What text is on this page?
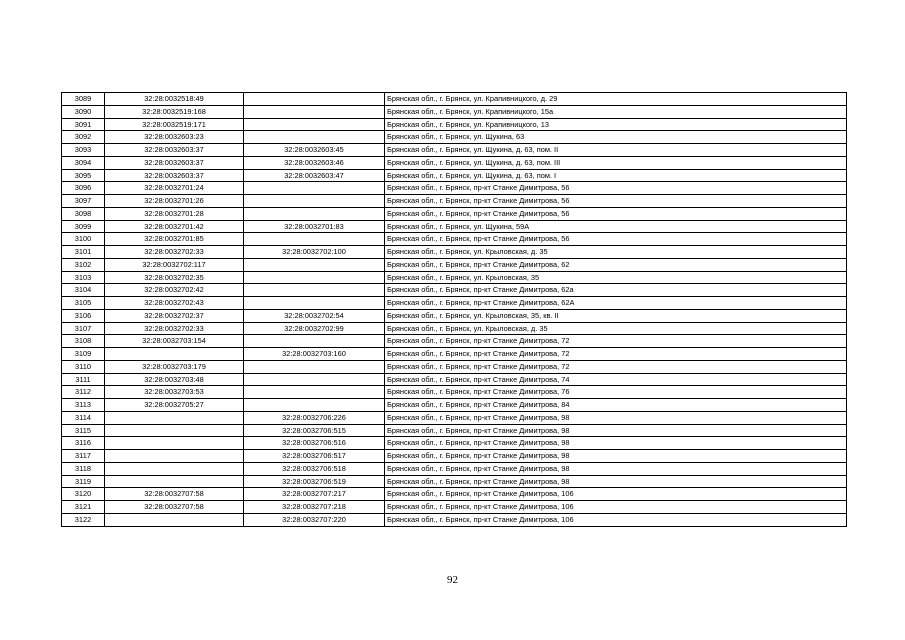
3089	32:28:0032518:49		Брянская обл., г. Брянск, ул. Крапивницкого, д. 29
3090	32:28:0032519:168		Брянская обл., г. Брянск, ул. Крапивницкого, 15а
3091	32:28:0032519:171		Брянская обл., г. Брянск, ул. Крапивницкого, 13
3092	32:28:0032603:23		Брянская обл., г. Брянск, ул. Щукина, 63
3093	32:28:0032603:37	32:28:0032603:45	Брянская обл., г. Брянск, ул. Щукина, д. 63, пом. II
3094	32:28:0032603:37	32:28:0032603:46	Брянская обл., г. Брянск, ул. Щукина, д. 63, пом. III
3095	32:28:0032603:37	32:28:0032603:47	Брянская обл., г. Брянск, ул. Щукина, д. 63, пом. I
3096	32:28:0032701:24		Брянская обл., г. Брянск, пр-кт Станке Димитрова, 56
3097	32:28:0032701:26		Брянская обл., г. Брянск, пр-кт Станке Димитрова, 56
3098	32:28:0032701:28		Брянская обл., г. Брянск, пр-кт Станке Димитрова, 56
3099	32:28:0032701:42	32:28:0032701:83	Брянская обл., г. Брянск, ул. Щукина, 59А
3100	32:28:0032701:85		Брянская обл., г. Брянск, пр-кт Станке Димитрова, 56
3101	32:28:0032702:33	32:28:0032702:100	Брянская обл., г. Брянск, ул. Крыловская, д. 35
3102	32:28:0032702:117		Брянская обл., г. Брянск, пр-кт Станке Димитрова, 62
3103	32:28:0032702:35		Брянская обл., г. Брянск, ул. Крыловская, 35
3104	32:28:0032702:42		Брянская обл., г. Брянск, пр-кт Станке Димитрова, 62а
3105	32:28:0032702:43		Брянская обл., г. Брянск, пр-кт Станке Димитрова, 62А
3106	32:28:0032702:37	32:28:0032702:54	Брянская обл., г. Брянск, ул. Крыловская, 35, кв. II
3107	32:28:0032702:33	32:28:0032702:99	Брянская обл., г. Брянск, ул. Крыловская, д. 35
3108	32:28:0032703:154		Брянская обл., г. Брянск, пр-кт Станке Димитрова, 72
3109		32:28:0032703:160	Брянская обл., г. Брянск, пр-кт Станке Димитрова, 72
3110	32:28:0032703:179		Брянская обл., г. Брянск, пр-кт Станке Димитрова, 72
3111	32:28:0032703:48		Брянская обл., г. Брянск, пр-кт Станке Димитрова, 74
3112	32:28:0032703:53		Брянская обл., г. Брянск, пр-кт Станке Димитрова, 76
3113	32:28:0032705:27		Брянская обл., г. Брянск, пр-кт Станке Димитрова, 84
3114		32:28:0032706:226	Брянская обл., г. Брянск, пр-кт Станке Димитрова, 98
3115		32:28:0032706:515	Брянская обл., г. Брянск, пр-кт Станке Димитрова, 98
3116		32:28:0032706:516	Брянская обл., г. Брянск, пр-кт Станке Димитрова, 98
3117		32:28:0032706:517	Брянская обл., г. Брянск, пр-кт Станке Димитрова, 98
3118		32:28:0032706:518	Брянская обл., г. Брянск, пр-кт Станке Димитрова, 98
3119		32:28:0032706:519	Брянская обл., г. Брянск, пр-кт Станке Димитрова, 98
3120	32:28:0032707:58	32:28:0032707:217	Брянская обл., г. Брянск, пр-кт Станке Димитрова, 106
3121	32:28:0032707:58	32:28:0032707:218	Брянская обл., г. Брянск, пр-кт Станке Димитрова, 106
3122		32:28:0032707:220	Брянская обл., г. Брянск, пр-кт Станке Димитрова, 106
92
